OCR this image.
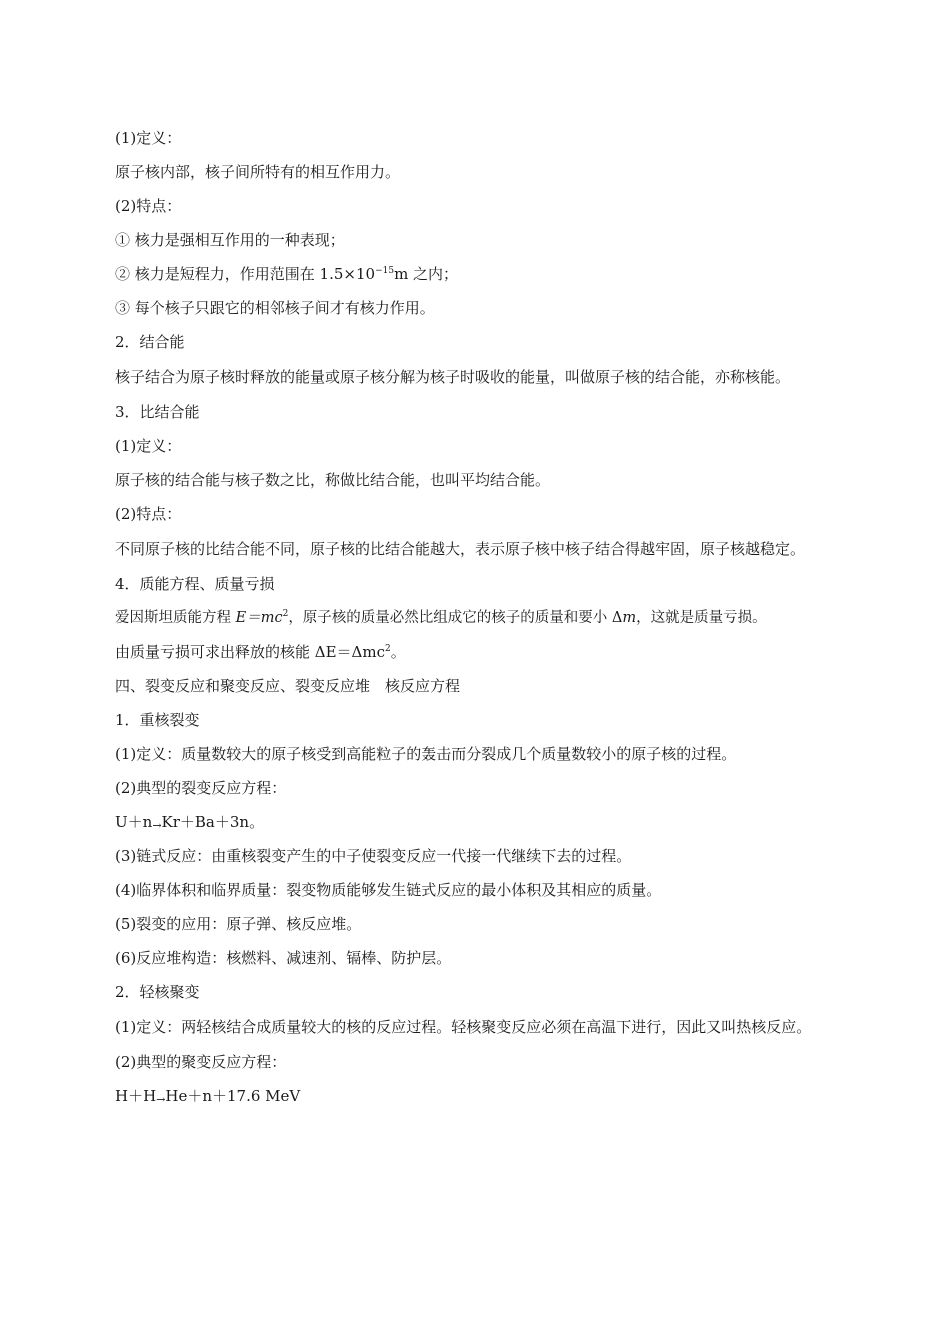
(1)定义：
原子核内部，核子间所特有的相互作用力。
(2)特点：
① 核力是强相互作用的一种表现；
② 核力是短程力，作用范围在 $1.5\times 10^{-15}m$ 之内；
③ 每个核子只跟它的相邻核子间才有核力作用。
2．结合能
核子结合为原子核时释放的能量或原子核分解为核子时吸收的能量，叫做原子核的结合能，亦称核能。
3．比结合能
(1)定义：
原子核的结合能与核子数之比，称做比结合能，也叫平均结合能。
(2)特点：
不同原子核的比结合能不同，原子核的比结合能越大，表示原子核中核子结合得越牢固，原子核越稳定。
4．质能方程、质量亏损
爱因斯坦质能方程 $E=mc^2$，原子核的质量必然比组成它的核子的质量和要小 Δm，这就是质量亏损。
由质量亏损可求出释放的核能 ΔE＝Δmc$^2$。
四、裂变反应和聚变反应、裂变反应堆　核反应方程
1．重核裂变
(1)定义：质量数较大的原子核受到高能粒子的轰击而分裂成几个质量数较小的原子核的过程。
(2)典型的裂变反应方程：
U＋n→Kr＋Ba＋3n。
(3)链式反应：由重核裂变产生的中子使裂变反应一代接一代继续下去的过程。
(4)临界体积和临界质量：裂变物质能够发生链式反应的最小体积及其相应的质量。
(5)裂变的应用：原子弹、核反应堆。
(6)反应堆构造：核燃料、减速剂、镉棒、防护层。
2．轻核聚变
(1)定义：两轻核结合成质量较大的核的反应过程。轻核聚变反应必须在高温下进行，因此又叫热核反应。
(2)典型的聚变反应方程：
H＋H→He＋n＋17.6 MeV
